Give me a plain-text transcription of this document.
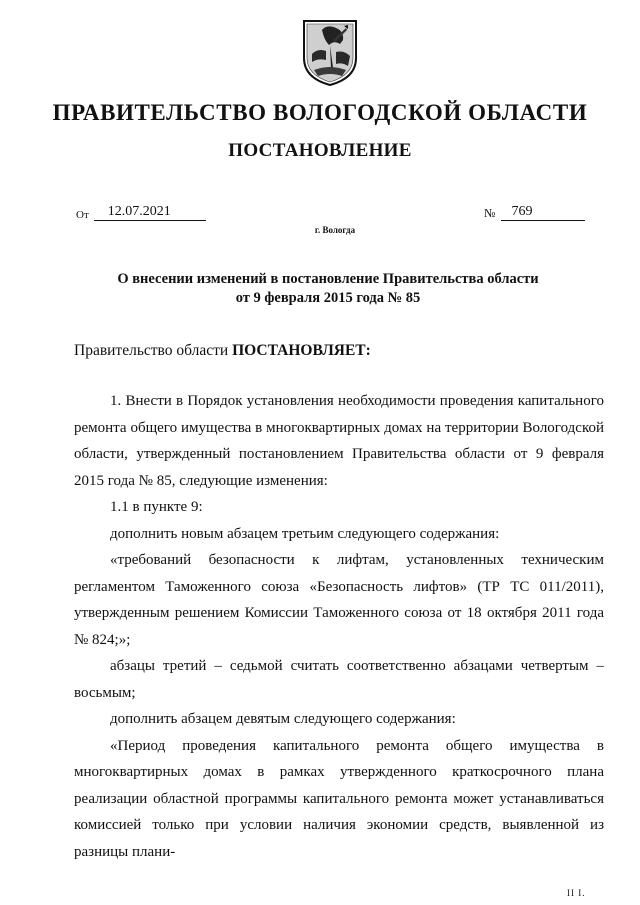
ПРАВИТЕЛЬСТВО ВОЛОГОДСКОЙ ОБЛАСТИ
ПОСТАНОВЛЕНИЕ
От	12.07.2021	№	769

г. Вологда

О внесении изменений в постановление Правительства области
от 9 февраля 2015 года № 85

Правительство области ПОСТАНОВЛЯЕТ:

1. Внести в Порядок установления необходимости проведения капитального ремонта общего имущества в многоквартирных домах на территории Вологодской области, утвержденный постановлением Правительства области от 9 февраля 2015 года № 85, следующие изменения:

1.1 в пункте 9:

дополнить новым абзацем третьим следующего содержания:

«требований безопасности к лифтам, установленных техническим регламентом Таможенного союза «Безопасность лифтов» (ТР ТС 011/2011), утвержденным решением Комиссии Таможенного союза от 18 октября 2011 года № 824;»;

абзацы третий – седьмой считать соответственно абзацами четвертым – восьмым;

дополнить абзацем девятым следующего содержания:

«Период проведения капитального ремонта общего имущества в многоквартирных домах в рамках утвержденного краткосрочного плана реализации областной программы капитального ремонта может устанавливаться комиссией только при условии наличия экономии средств, выявленной из разницы плани-

ІІ І.
